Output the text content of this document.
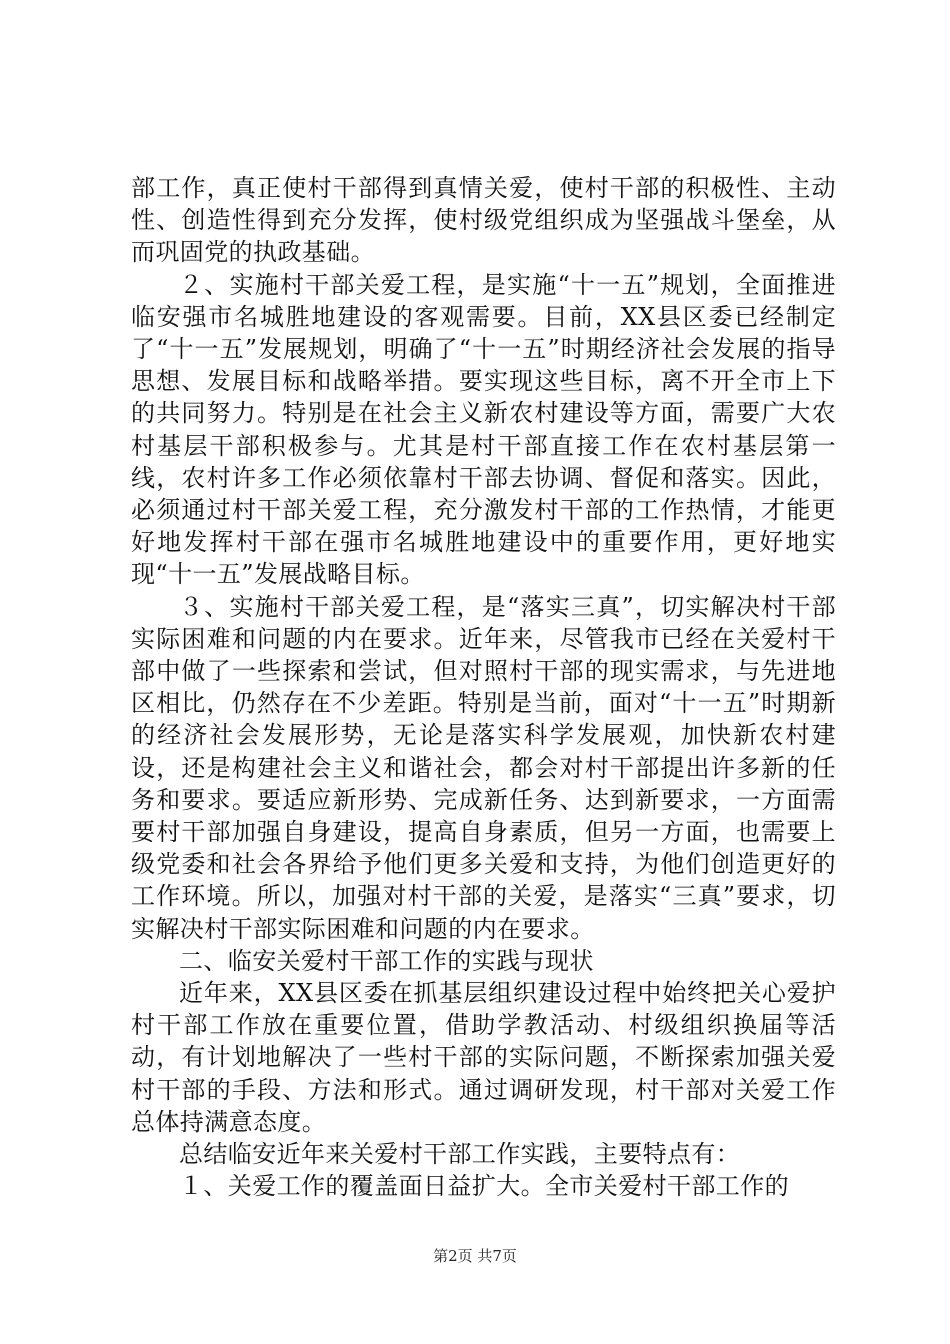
部工作，真正使村干部得到真情关爱，使村干部的积极性、主动性、创造性得到充分发挥，使村级党组织成为坚强战斗堡垒，从而巩固党的执政基础。

２、实施村干部关爱工程，是实施“十一五”规划，全面推进临安强市名城胜地建设的客观需要。目前，XX县区委已经制定了“十一五”发展规划，明确了“十一五”时期经济社会发展的指导思想、发展目标和战略举措。要实现这些目标，离不开全市上下的共同努力。特别是在社会主义新农村建设等方面，需要广大农村基层干部积极参与。尤其是村干部直接工作在农村基层第一线，农村许多工作必须依靠村干部去协调、督促和落实。因此，必须通过村干部关爱工程，充分激发村干部的工作热情，才能更好地发挥村干部在强市名城胜地建设中的重要作用，更好地实现“十一五”发展战略目标。

３、实施村干部关爱工程，是“落实三真”，切实解决村干部实际困难和问题的内在要求。近年来，尽管我市已经在关爱村干部中做了一些探索和尝试，但对照村干部的现实需求，与先进地区相比，仍然存在不少差距。特别是当前，面对“十一五”时期新的经济社会发展形势，无论是落实科学发展观，加快新农村建设，还是构建社会主义和谐社会，都会对村干部提出许多新的任务和要求。要适应新形势、完成新任务、达到新要求，一方面需要村干部加强自身建设，提高自身素质，但另一方面，也需要上级党委和社会各界给予他们更多关爱和支持，为他们创造更好的工作环境。所以，加强对村干部的关爱，是落实“三真”要求，切实解决村干部实际困难和问题的内在要求。

二、临安关爱村干部工作的实践与现状

近年来，XX县区委在抓基层组织建设过程中始终把关心爱护村干部工作放在重要位置，借助学教活动、村级组织换届等活动，有计划地解决了一些村干部的实际问题，不断探索加强关爱村干部的手段、方法和形式。通过调研发现，村干部对关爱工作总体持满意态度。

总结临安近年来关爱村干部工作实践，主要特点有：

１、关爱工作的覆盖面日益扩大。全市关爱村干部工作的

第2页 共7页
